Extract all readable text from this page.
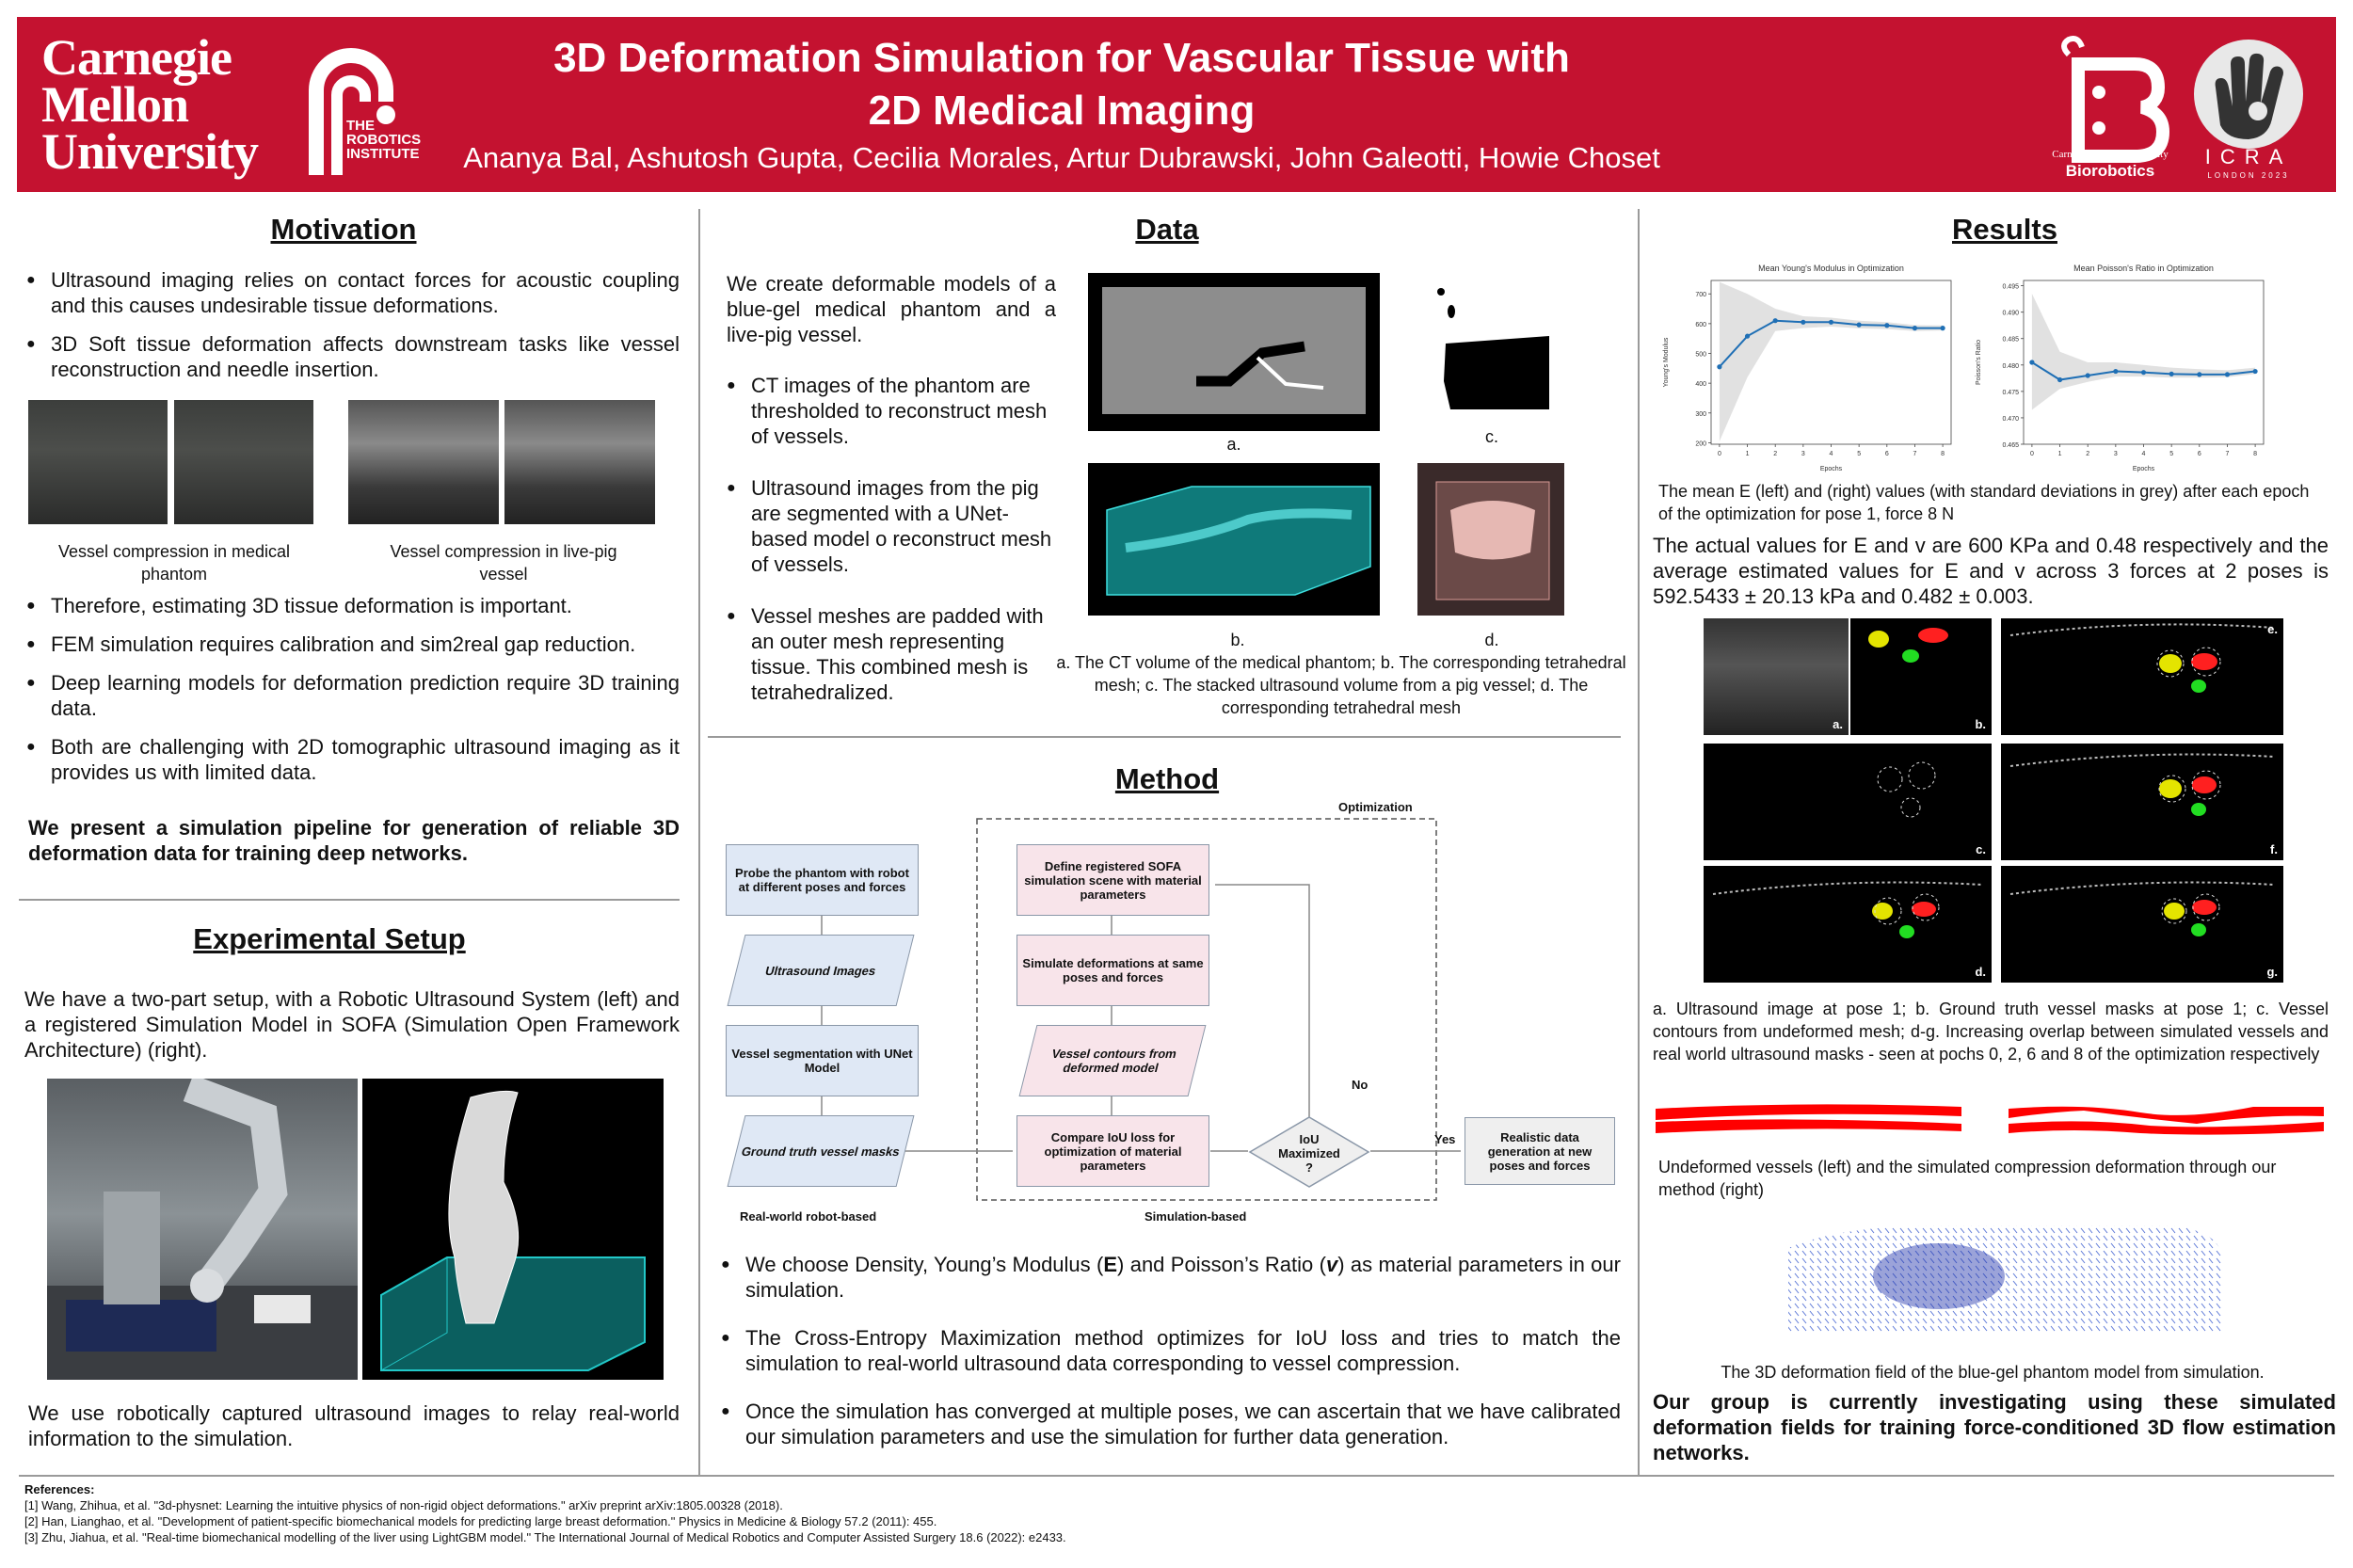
Carnegie
Mellon
University	THE
ROBOTICS
INSTITUTE
3D Deformation Simulation for Vascular Tissue with
2D Medical Imaging
Ananya Bal, Ashutosh Gupta, Cecilia Morales, Artur Dubrawski, John Galeotti, Howie Choset	Carnegie Mellon University
Biorobotics
ICRA
LONDON 2023
Motivation
● Ultrasound imaging relies on contact forces for acoustic coupling and this causes undesirable tissue deformations.
● 3D Soft tissue deformation affects downstream tasks like vessel reconstruction and needle insertion.
Vessel compression in medical phantom
Vessel compression in live-pig vessel
● Therefore, estimating 3D tissue deformation is important.
● FEM simulation requires calibration and sim2real gap reduction.
● Deep learning models for deformation prediction require 3D training data.
● Both are challenging with 2D tomographic ultrasound imaging as it provides us with limited data.
We present a simulation pipeline for generation of reliable 3D deformation data for training deep networks.
Experimental Setup
We have a two-part setup, with a Robotic Ultrasound System (left) and a registered Simulation Model in SOFA (Simulation Open Framework Architecture) (right).
We use robotically captured ultrasound images to relay real-world information to the simulation.
Data
We create deformable models of a blue-gel medical phantom and a live-pig vessel.
● CT images of the phantom are thresholded to reconstruct mesh of vessels.
● Ultrasound images from the pig are segmented with a UNet-based model o reconstruct mesh of vessels.
● Vessel meshes are padded with an outer mesh representing tissue. This combined mesh is tetrahedralized.
a.	c.
b.	d.
a. The CT volume of the medical phantom; b. The corresponding tetrahedral mesh; c. The stacked ultrasound volume from a pig vessel; d. The corresponding tetrahedral mesh
Method
Probe the phantom with robot at different poses and forces
Ultrasound Images
Vessel segmentation with UNet Model
Ground truth vessel masks
Optimization
Define registered SOFA simulation scene with material parameters
Simulate deformations at same poses and forces
Vessel contours from deformed model
Compare IoU loss for optimization of material parameters
IoU Maximized ?
No
Yes	Realistic data generation at new poses and forces
Real-world robot-based	Simulation-based
● We choose Density, Young’s Modulus (E) and Poisson’s Ratio (v) as material parameters in our simulation.
● The Cross-Entropy Maximization method optimizes for IoU loss and tries to match the simulation to real-world ultrasound data corresponding to vessel compression.
● Once the simulation has converged at multiple poses, we can ascertain that we have calibrated our simulation parameters and use the simulation for further data generation.
Results
Mean Young's Modulus in Optimization
200
300
400
500
600
700
0	1	2	3	4	5	6	7	8
Epochs
Young's Modulus
Mean Poisson's Ratio in Optimization
0.465
0.470
0.475
0.480
0.485
0.490
0.495
0	1	2	3	4	5	6	7	8
Epochs
Poisson's Ratio
The mean E (left) and (right) values (with standard deviations in grey) after each epoch of the optimization for pose 1, force 8 N
The actual values for E and v are 600 KPa and 0.48 respectively and the average estimated values for E and v across 3 forces at 2 poses is 592.5433 ± 20.13 kPa and 0.482 ± 0.003.
a.	b.
e.
c.	f.
d.	g.
a. Ultrasound image at pose 1; b. Ground truth vessel masks at pose 1; c. Vessel contours from undeformed mesh; d-g. Increasing overlap between simulated vessels and real world ultrasound masks - seen at pochs 0, 2, 6 and 8 of the optimization respectively
Undeformed vessels (left) and the simulated compression deformation through our method (right)
The 3D deformation field of the blue-gel phantom model from simulation.
Our group is currently investigating using these simulated deformation fields for training force-conditioned 3D flow estimation networks.
References:
[1] Wang, Zhihua, et al. "3d-physnet: Learning the intuitive physics of non-rigid object deformations." arXiv preprint arXiv:1805.00328 (2018).
[2] Han, Lianghao, et al. "Development of patient-specific biomechanical models for predicting large breast deformation." Physics in Medicine & Biology 57.2 (2011): 455.
[3] Zhu, Jiahua, et al. "Real-time biomechanical modelling of the liver using LightGBM model." The International Journal of Medical Robotics and Computer Assisted Surgery 18.6 (2022): e2433.
